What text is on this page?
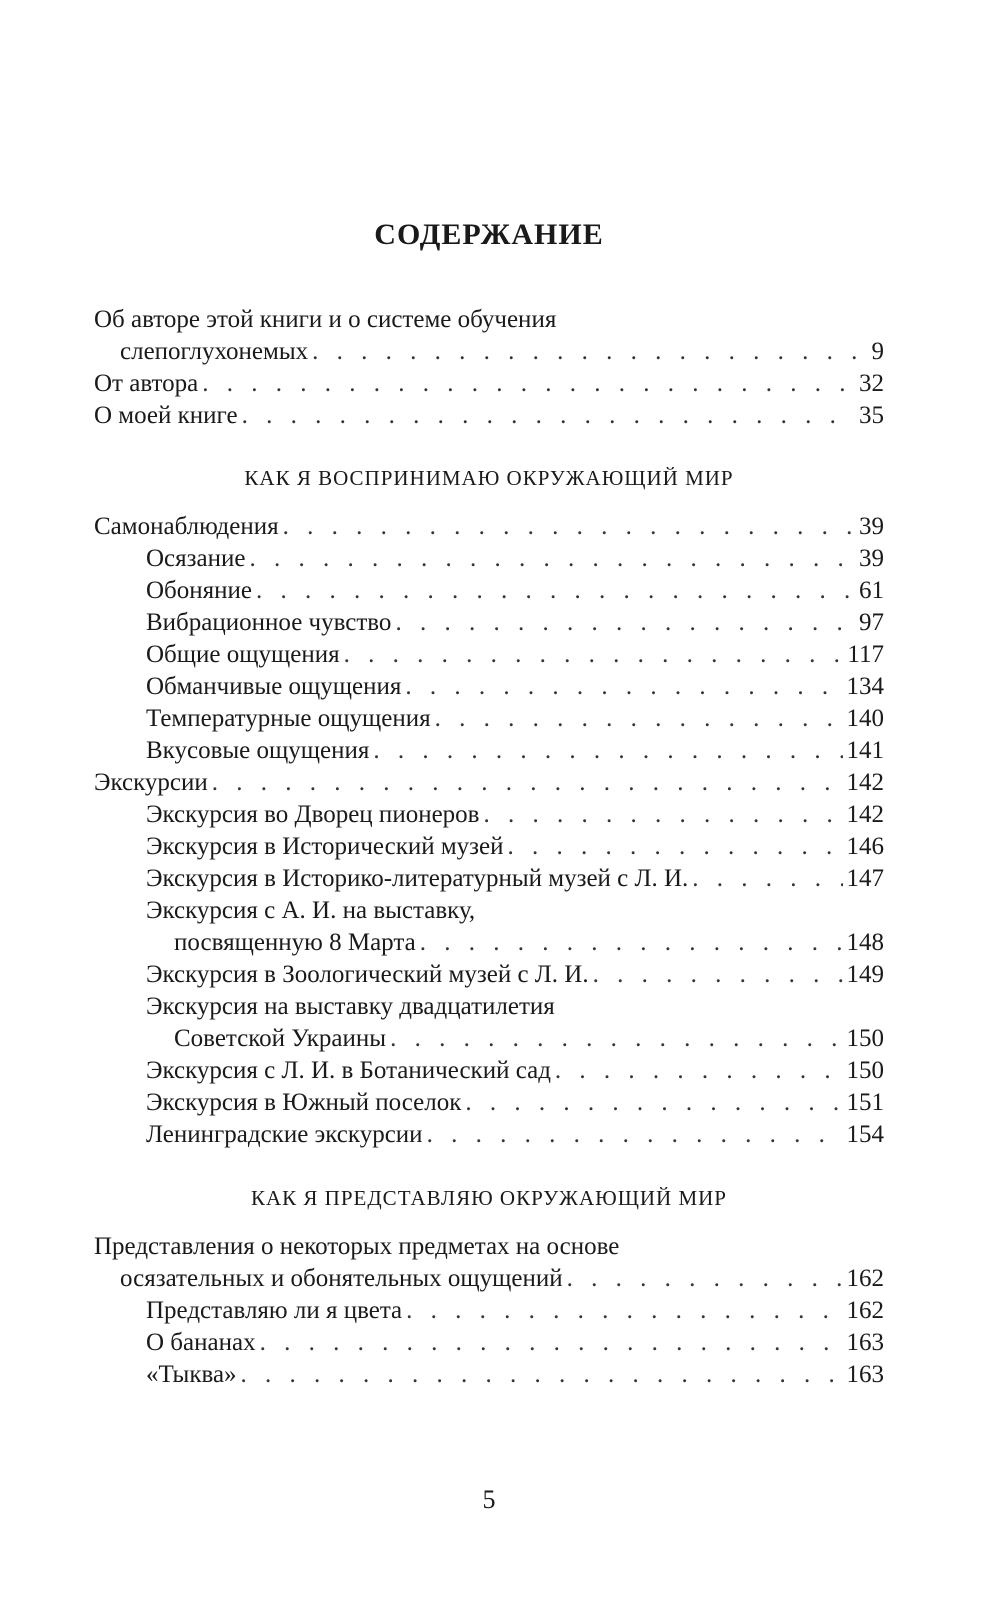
СОДЕРЖАНИЕ
Об авторе этой книги и о системе обучения
слепоглухонемых . . .	9
От автора . . .	32
О моей книге . . .	35
КАК Я ВОСПРИНИМАЮ ОКРУЖАЮЩИЙ МИР
Самонаблюдения . . .	39
Осязание . . .	39
Обоняние . . .	61
Вибрационное чувство . . .	97
Общие ощущения . . .	117
Обманчивые ощущения . . .	134
Температурные ощущения . . .	140
Вкусовые ощущения . . .	141
Экскурсии . . .	142
Экскурсия во Дворец пионеров . . .	142
Экскурсия в Исторический музей . . .	146
Экскурсия в Историко-литературный музей с Л. И. . . .	147
Экскурсия с А. И. на выставку,
посвященную 8 Марта . . .	148
Экскурсия в Зоологический музей с Л. И. . . .	149
Экскурсия на выставку двадцатилетия
Советской Украины . . .	150
Экскурсия с Л. И. в Ботанический сад . . .	150
Экскурсия в Южный поселок . . .	151
Ленинградские экскурсии . . .	154
КАК Я ПРЕДСТАВЛЯЮ ОКРУЖАЮЩИЙ МИР
Представления о некоторых предметах на основе
осязательных и обонятельных ощущений . . .	162
Представляю ли я цвета . . .	162
О бананах . . .	163
«Тыква» . . .	163
5
